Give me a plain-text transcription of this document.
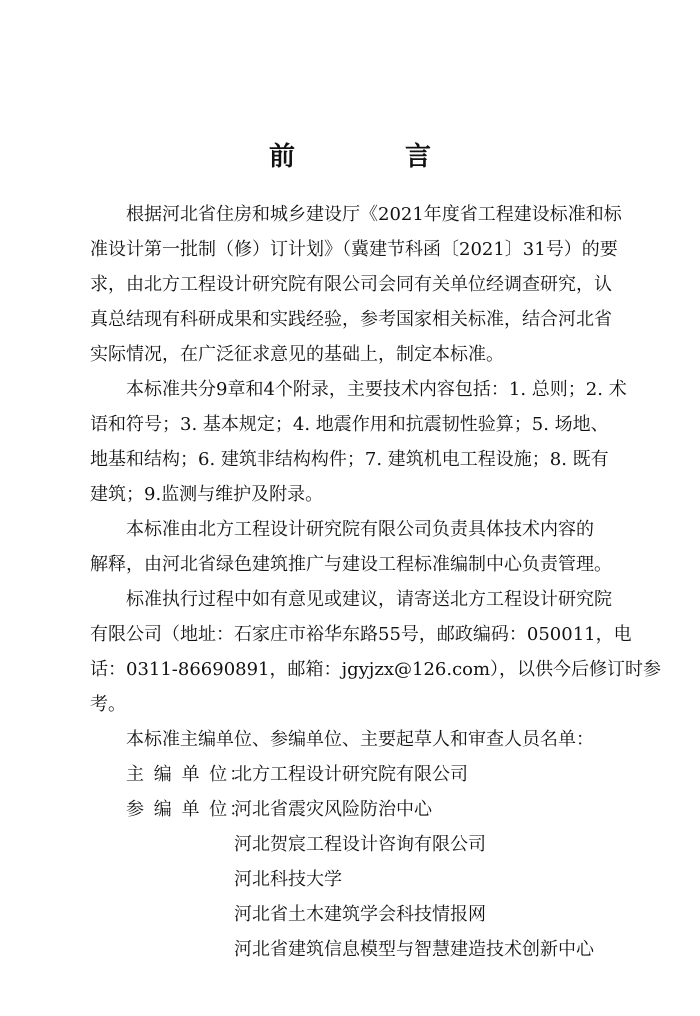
前　言
根据河北省住房和城乡建设厅《2021年度省工程建设标准和标
准设计第一批制（修）订计划》（冀建节科函〔2021〕31号）的要
求，由北方工程设计研究院有限公司会同有关单位经调查研究，认
真总结现有科研成果和实践经验，参考国家相关标准，结合河北省
实际情况，在广泛征求意见的基础上，制定本标准。
本标准共分9章和4个附录，主要技术内容包括：1. 总则；2. 术
语和符号；3. 基本规定；4. 地震作用和抗震韧性验算；5. 场地、
地基和结构；6. 建筑非结构构件；7. 建筑机电工程设施；8. 既有
建筑；9.监测与维护及附录。
本标准由北方工程设计研究院有限公司负责具体技术内容的
解释，由河北省绿色建筑推广与建设工程标准编制中心负责管理。
标准执行过程中如有意见或建议，请寄送北方工程设计研究院
有限公司（地址：石家庄市裕华东路55号，邮政编码：050011，电
话：0311-86690891，邮箱：jgyjzx@126.com），以供今后修订时参
考。
本标准主编单位、参编单位、主要起草人和审查人员名单：
主 编 单 位：
北方工程设计研究院有限公司
参 编 单 位：
河北省震灾风险防治中心
河北贺宸工程设计咨询有限公司
河北科技大学
河北省土木建筑学会科技情报网
河北省建筑信息模型与智慧建造技术创新中心
